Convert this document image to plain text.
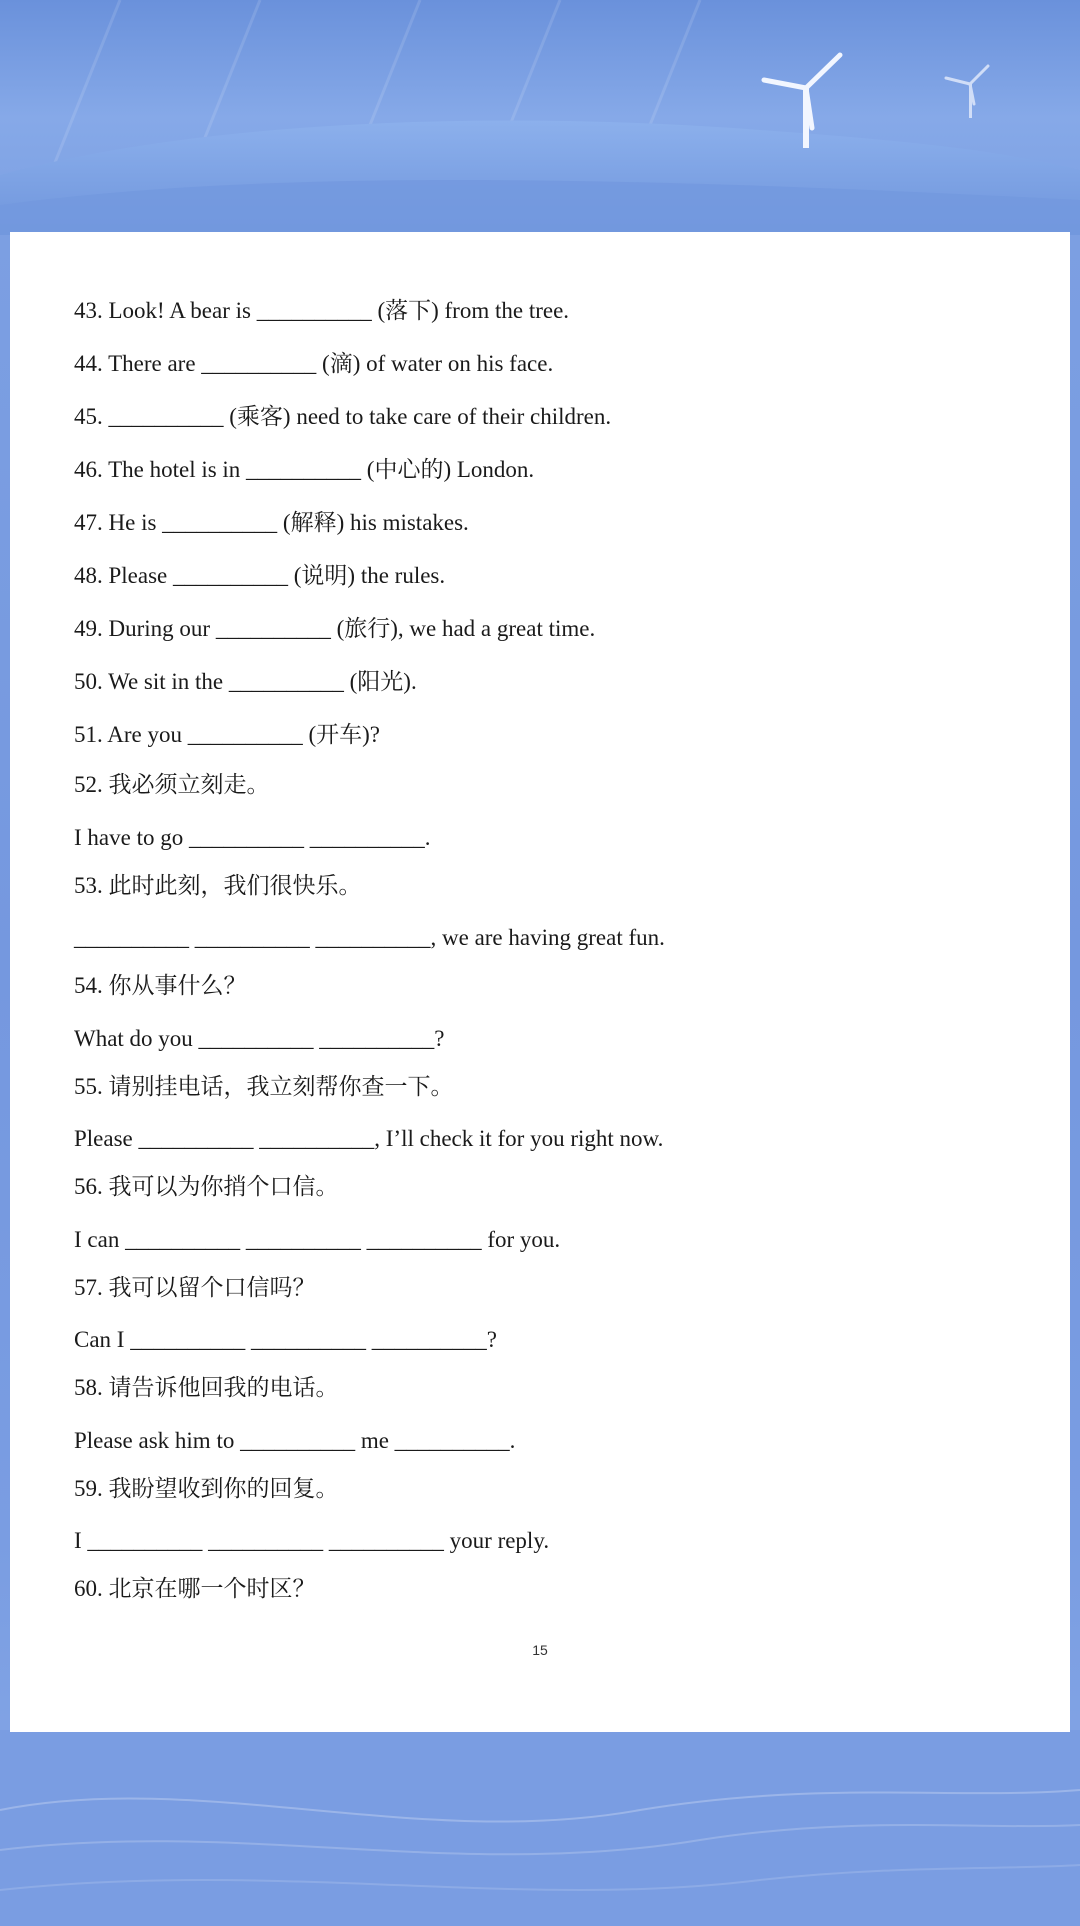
43. Look! A bear is __________ (落下) from the tree.
44. There are __________ (滴) of water on his face.
45. __________ (乘客) need to take care of their children.
46. The hotel is in __________ (中心的) London.
47. He is __________ (解释) his mistakes.
48. Please __________ (说明) the rules.
49. During our __________ (旅行), we had a great time.
50. We sit in the __________ (阳光).
51. Are you __________ (开车)?
52. 我必须立刻走。
I have to go __________ __________.
53. 此时此刻，我们很快乐。
__________ __________ __________, we are having great fun.
54. 你从事什么？
What do you __________ __________?
55. 请别挂电话，我立刻帮你查一下。
Please __________ __________, I’ll check it for you right now.
56. 我可以为你捎个口信。
I can __________ __________ __________ for you.
57. 我可以留个口信吗？
Can I __________ __________ __________?
58. 请告诉他回我的电话。
Please ask him to __________ me __________.
59. 我盼望收到你的回复。
I __________ __________ __________ your reply.
60. 北京在哪一个时区？
15
